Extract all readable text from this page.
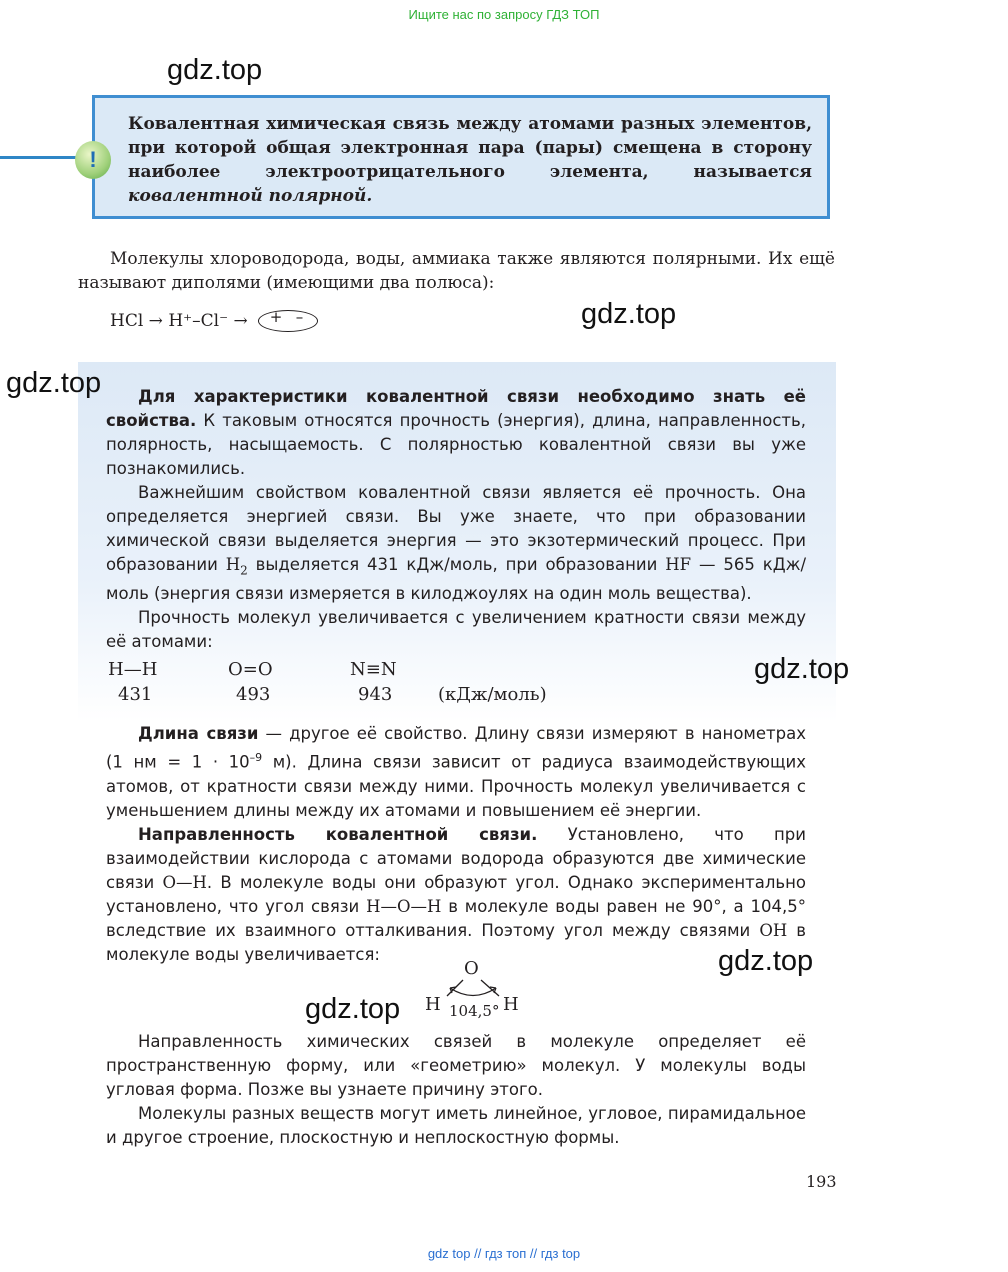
Ищите нас по запросу ГДЗ ТОП
gdz.top
!
Ковалентная химическая связь между атомами разных элементов, при которой общая электронная пара (пары) смещена в сторону наиболее электроотрицательного элемента, называется ковалентной полярной.
Молекулы хлороводорода, воды, аммиака также являются полярными. Их ещё называют диполями (имеющими два полюса):
HCl → H⁺–Cl⁻ → + –	gdz.top
gdz.top	Для характеристики ковалентной связи необходимо знать её свойства. К таковым относятся прочность (энергия), длина, направленность, полярность, насыщаемость. С полярностью ковалентной связи вы уже познакомились.
Важнейшим свойством ковалентной связи является её прочность. Она определяется энергией связи. Вы уже знаете, что при образовании химической связи выделяется энергия — это экзотермический процесс. При образовании $H_2$ выделяется 431 кДж/моль, при образовании HF — 565 кДж/моль (энергия связи измеряется в килоджоулях на один моль вещества).
Прочность молекул увеличивается с увеличением кратности связи между её атомами:
H—H	O=O	N≡N
431	493	943	(кДж/моль)
gdz.top
Длина связи — другое её свойство. Длину связи измеряют в нанометрах (1 нм = $1 \cdot 10^{-9}$ м). Длина связи зависит от радиуса взаимодействующих атомов, от кратности связи между ними. Прочность молекул увеличивается с уменьшением длины между их атомами и повышением её энергии.
Направленность ковалентной связи. Установлено, что при взаимодействии кислорода с атомами водорода образуются две химические связи O—H. В молекуле воды они образуют угол. Однако экспериментально установлено, что угол связи H—O—H в молекуле воды равен не 90°, а 104,5° вследствие их взаимного отталкивания. Поэтому угол между связями OH в молекуле воды увеличивается:
O
H	H
104,5°
gdz.top
gdz.top
Направленность химических связей в молекуле определяет её пространственную форму, или «геометрию» молекул. У молекулы воды угловая форма. Позже вы узнаете причину этого.
Молекулы разных веществ могут иметь линейное, угловое, пирамидальное и другое строение, плоскостную и неплоскостную формы.
193
gdz top // гдз топ // гдз top
